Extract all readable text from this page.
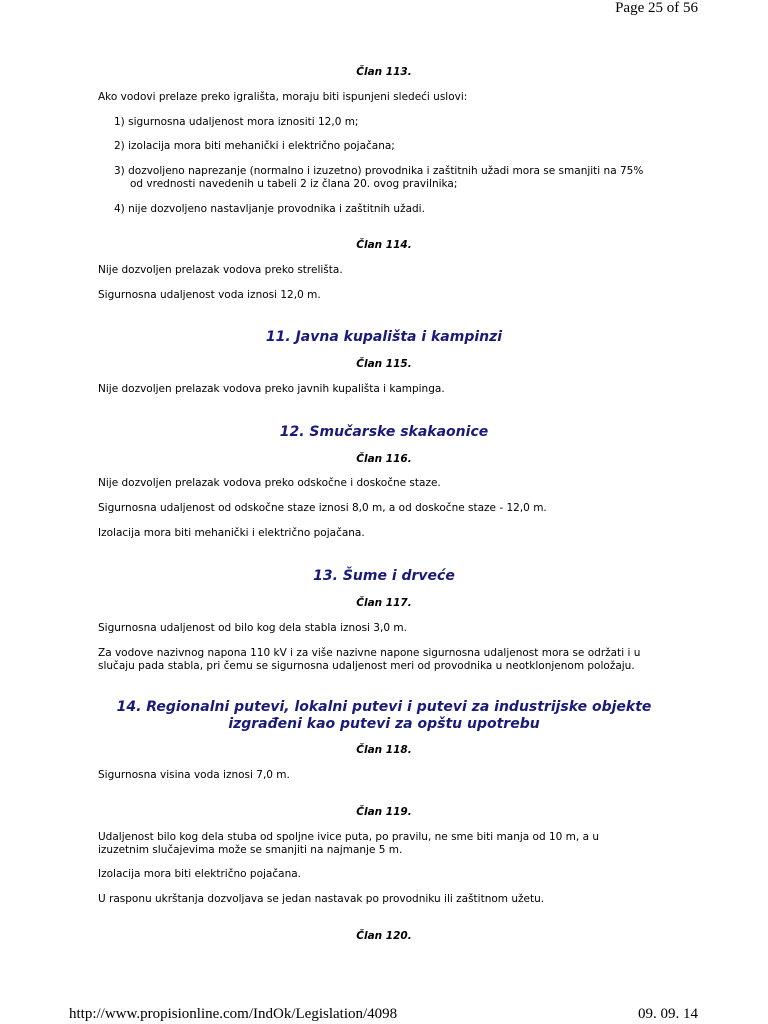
Page 25 of 56
Član 113.
Ako vodovi prelaze preko igrališta, moraju biti ispunjeni sledeći uslovi:
1) sigurnosna udaljenost mora iznositi 12,0 m;
2) izolacija mora biti mehanički i električno pojačana;
3) dozvoljeno naprezanje (normalno i izuzetno) provodnika i zaštitnih užadi mora se smanjiti na 75%
od vrednosti navedenih u tabeli 2 iz člana 20. ovog pravilnika;
4) nije dozvoljeno nastavljanje provodnika i zaštitnih užadi.
Član 114.
Nije dozvoljen prelazak vodova preko strelišta.
Sigurnosna udaljenost voda iznosi 12,0 m.
11. Javna kupališta i kampinzi
Član 115.
Nije dozvoljen prelazak vodova preko javnih kupališta i kampinga.
12. Smučarske skakaonice
Član 116.
Nije dozvoljen prelazak vodova preko odskočne i doskočne staze.
Sigurnosna udaljenost od odskočne staze iznosi 8,0 m, a od doskočne staze - 12,0 m.
Izolacija mora biti mehanički i električno pojačana.
13. Šume i drveće
Član 117.
Sigurnosna udaljenost od bilo kog dela stabla iznosi 3,0 m.
Za vodove nazivnog napona 110 kV i za više nazivne napone sigurnosna udaljenost mora se održati i u
slučaju pada stabla, pri čemu se sigurnosna udaljenost meri od provodnika u neotklonjenom položaju.
14. Regionalni putevi, lokalni putevi i putevi za industrijske objekte
izgrađeni kao putevi za opštu upotrebu
Član 118.
Sigurnosna visina voda iznosi 7,0 m.
Član 119.
Udaljenost bilo kog dela stuba od spoljne ivice puta, po pravilu, ne sme biti manja od 10 m, a u
izuzetnim slučajevima može se smanjiti na najmanje 5 m.
Izolacija mora biti električno pojačana.
U rasponu ukrštanja dozvoljava se jedan nastavak po provodniku ili zaštitnom užetu.
Član 120.
http://www.propisionline.com/IndOk/Legislation/4098	09. 09. 14
